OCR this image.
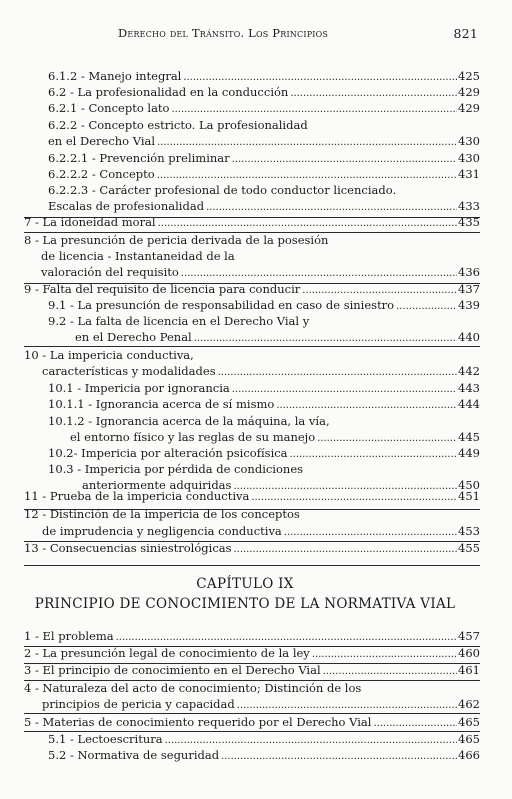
Derecho del Tránsito. Los Principios	821
6.1.2 - Manejo integral . . .	425
6.2 - La profesionalidad en la conducción . . .	429
6.2.1 - Concepto lato . . .	429
6.2.2 - Concepto estricto. La profesionalidad
en el Derecho Vial . . .	430
6.2.2.1 - Prevención preliminar . . .	430
6.2.2.2 - Concepto . . .	431
6.2.2.3 - Carácter profesional de todo conductor licenciado.
Escalas de profesionalidad . . .	433
7 - La idoneidad moral . . .	435
8 - La presunción de pericia derivada de la posesión
de licencia - Instantaneidad de la
valoración del requisito . . .	436
9 - Falta del requisito de licencia para conducir . . .	437
9.1 - La presunción de responsabilidad en caso de siniestro . . .	439
9.2 - La falta de licencia en el Derecho Vial y
en el Derecho Penal . . .	440
10 - La impericia conductiva,
características y modalidades . . .	442
10.1 - Impericia por ignorancia . . .	443
10.1.1 - Ignorancia acerca de sí mismo . . .	444
10.1.2 - Ignorancia acerca de la máquina, la vía,
el entorno físico y las reglas de su manejo . . .	445
10.2- Impericia por alteración psicofísica . . .	449
10.3 - Impericia por pérdida de condiciones
anteriormente adquiridas . . .	450
11 - Prueba de la impericia conductiva . . .	451
12 - Distinción de la impericia de los conceptos
de imprudencia y negligencia conductiva . . .	453
13 - Consecuencias siniestrológicas . . .	455
1 - El problema . . .	457
2 - La presunción legal de conocimiento de la ley . . .	460
3 - El principio de conocimiento en el Derecho Vial . . .	461
4 - Naturaleza del acto de conocimiento; Distinción de los
principios de pericia y capacidad . . .	462
5 - Materias de conocimiento requerido por el Derecho Vial . . .	465
5.1 - Lectoescritura . . .	465
5.2 - Normativa de seguridad . . .	466
CAPÍTULO IX
PRINCIPIO DE CONOCIMIENTO DE LA NORMATIVA VIAL
